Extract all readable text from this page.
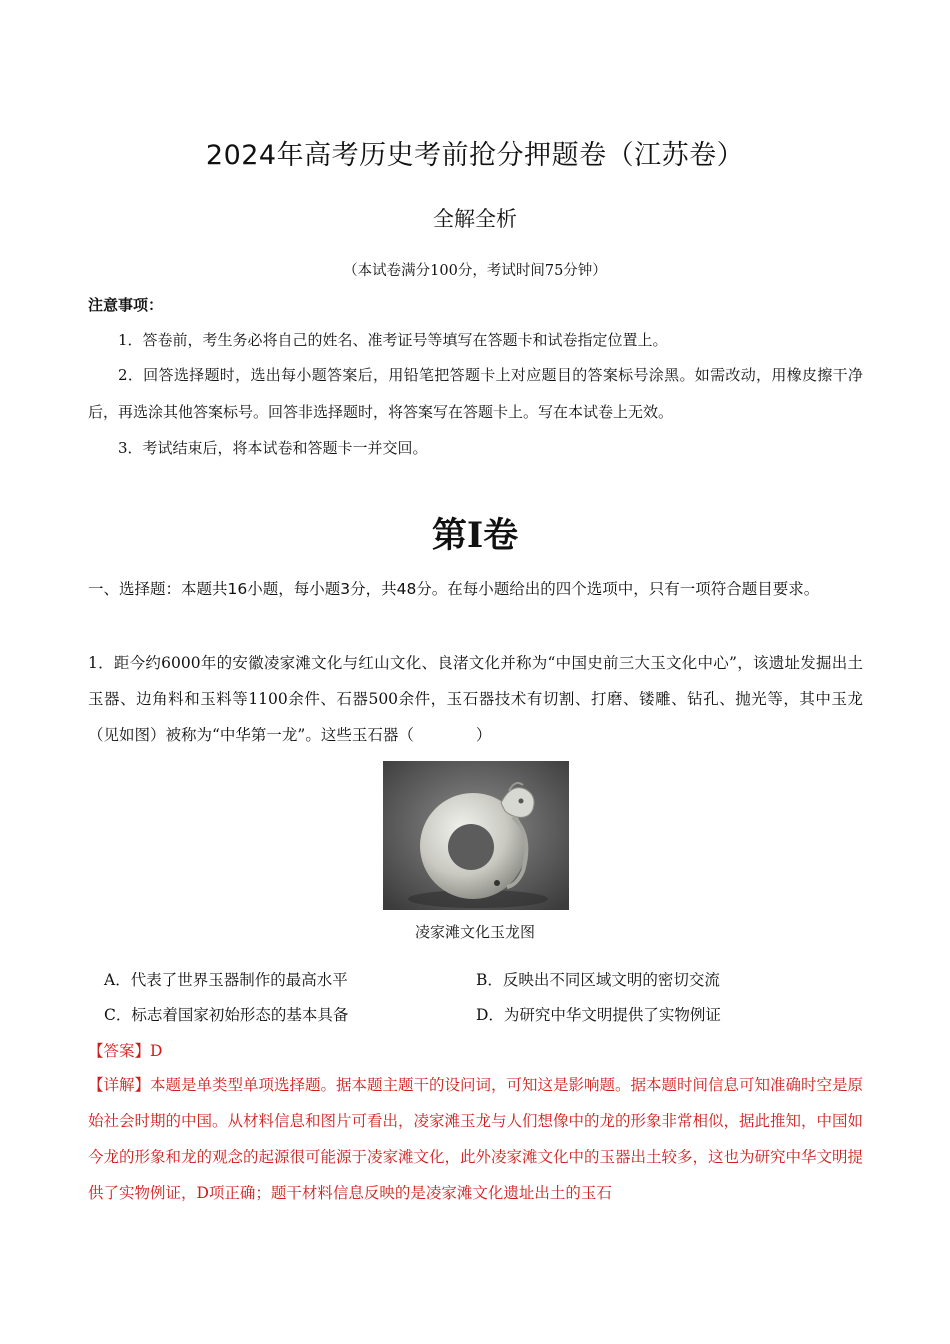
2024年高考历史考前抢分押题卷（江苏卷）
全解全析
（本试卷满分100分，考试时间75分钟）
注意事项：
1．答卷前，考生务必将自己的姓名、准考证号等填写在答题卡和试卷指定位置上。
2．回答选择题时，选出每小题答案后，用铅笔把答题卡上对应题目的答案标号涂黑。如需改动，用橡皮擦干净后，再选涂其他答案标号。回答非选择题时，将答案写在答题卡上。写在本试卷上无效。
3．考试结束后，将本试卷和答题卡一并交回。
第I卷
一、选择题：本题共16小题，每小题3分，共48分。在每小题给出的四个选项中，只有一项符合题目要求。
1．距今约6000年的安徽凌家滩文化与红山文化、良渚文化并称为“中国史前三大玉文化中心”，该遗址发掘出土玉器、边角料和玉料等1100余件、石器500余件，玉石器技术有切割、打磨、镂雕、钻孔、抛光等，其中玉龙（见如图）被称为“中华第一龙”。这些玉石器（　　　　）
凌家滩文化玉龙图
A．代表了世界玉器制作的最高水平	B．反映出不同区域文明的密切交流
C．标志着国家初始形态的基本具备	D．为研究中华文明提供了实物例证
【答案】D
【详解】本题是单类型单项选择题。据本题主题干的设问词，可知这是影响题。据本题时间信息可知准确时空是原始社会时期的中国。从材料信息和图片可看出，凌家滩玉龙与人们想像中的龙的形象非常相似，据此推知，中国如今龙的形象和龙的观念的起源很可能源于凌家滩文化，此外凌家滩文化中的玉器出土较多，这也为研究中华文明提供了实物例证，D项正确；题干材料信息反映的是凌家滩文化遗址出土的玉石
